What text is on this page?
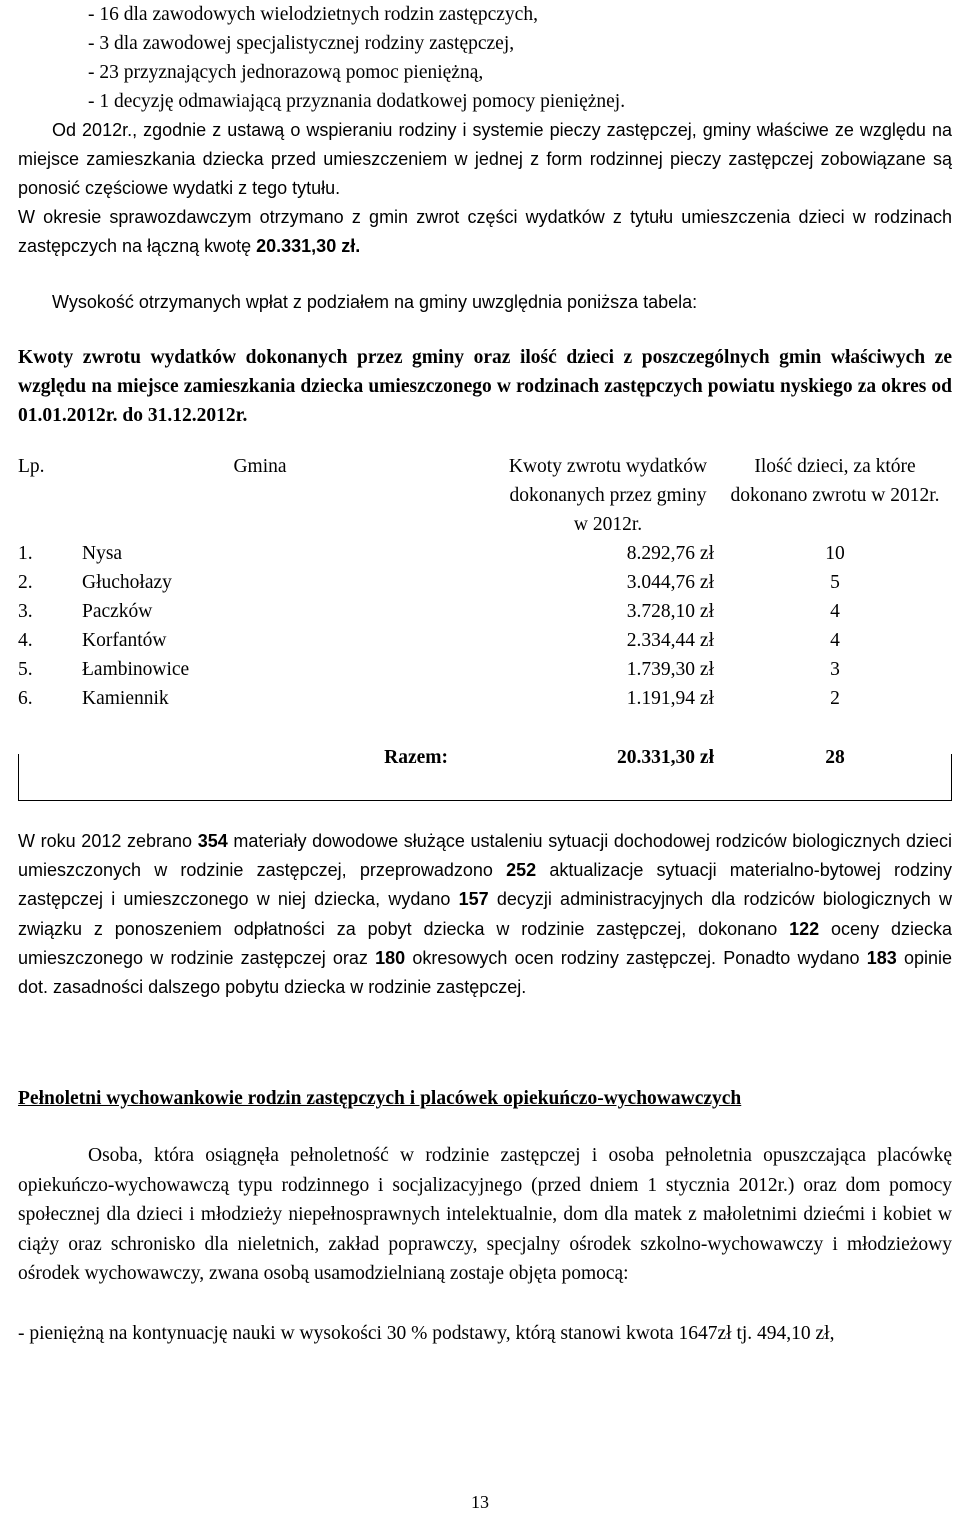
- 16 dla zawodowych wielodzietnych rodzin zastępczych,

- 3 dla zawodowej specjalistycznej rodziny zastępczej,

- 23 przyznających jednorazową pomoc pieniężną,

- 1 decyzję odmawiającą przyznania dodatkowej pomocy pieniężnej.

Od 2012r., zgodnie z ustawą o wspieraniu rodziny i systemie pieczy zastępczej, gminy właściwe ze względu na miejsce zamieszkania dziecka przed umieszczeniem w jednej z form rodzinnej pieczy zastępczej zobowiązane są ponosić częściowe wydatki z tego tytułu.

W okresie sprawozdawczym otrzymano z gmin zwrot części wydatków z tytułu umieszczenia dzieci w rodzinach zastępczych na łączną kwotę 20.331,30 zł.

Wysokość otrzymanych wpłat z podziałem na gminy uwzględnia poniższa tabela:

Kwoty zwrotu wydatków dokonanych przez gminy oraz ilość dzieci z poszczególnych gmin właściwych ze względu na miejsce zamieszkania dziecka umieszczonego w rodzinach zastępczych powiatu nyskiego za okres od 01.01.2012r. do 31.12.2012r.

Lp.	Gmina	Kwoty zwrotu wydatków dokonanych przez gminy w 2012r.	Ilość dzieci, za które dokonano zwrotu w 2012r.
1.	Nysa	8.292,76 zł	10
2.	Głuchołazy	3.044,76 zł	5
3.	Paczków	3.728,10 zł	4
4.	Korfantów	2.334,44 zł	4
5.	Łambinowice	1.739,30 zł	3
6.	Kamiennik	1.191,94 zł	2
	Razem:	20.331,30 zł	28

W roku 2012 zebrano 354 materiały dowodowe służące ustaleniu sytuacji dochodowej rodziców biologicznych dzieci umieszczonych w rodzinie zastępczej, przeprowadzono 252 aktualizacje sytuacji materialno-bytowej rodziny zastępczej i umieszczonego w niej dziecka, wydano 157 decyzji administracyjnych dla rodziców biologicznych w związku z ponoszeniem odpłatności za pobyt dziecka w rodzinie zastępczej, dokonano 122 oceny dziecka umieszczonego w rodzinie zastępczej oraz 180 okresowych ocen rodziny zastępczej. Ponadto wydano 183 opinie dot. zasadności dalszego pobytu dziecka w rodzinie zastępczej.

Pełnoletni wychowankowie rodzin zastępczych i placówek opiekuńczo-wychowawczych

Osoba, która osiągnęła pełnoletność w rodzinie zastępczej i osoba pełnoletnia opuszczająca placówkę opiekuńczo-wychowawczą typu rodzinnego i socjalizacyjnego (przed dniem 1 stycznia 2012r.) oraz dom pomocy społecznej dla dzieci i młodzieży niepełnosprawnych intelektualnie, dom dla matek z małoletnimi dziećmi i kobiet w ciąży oraz schronisko dla nieletnich, zakład poprawczy, specjalny ośrodek szkolno-wychowawczy i młodzieżowy ośrodek wychowawczy, zwana osobą usamodzielnianą zostaje objęta pomocą:

- pieniężną na kontynuację nauki w wysokości 30 % podstawy, którą stanowi kwota 1647zł tj. 494,10 zł,

13
